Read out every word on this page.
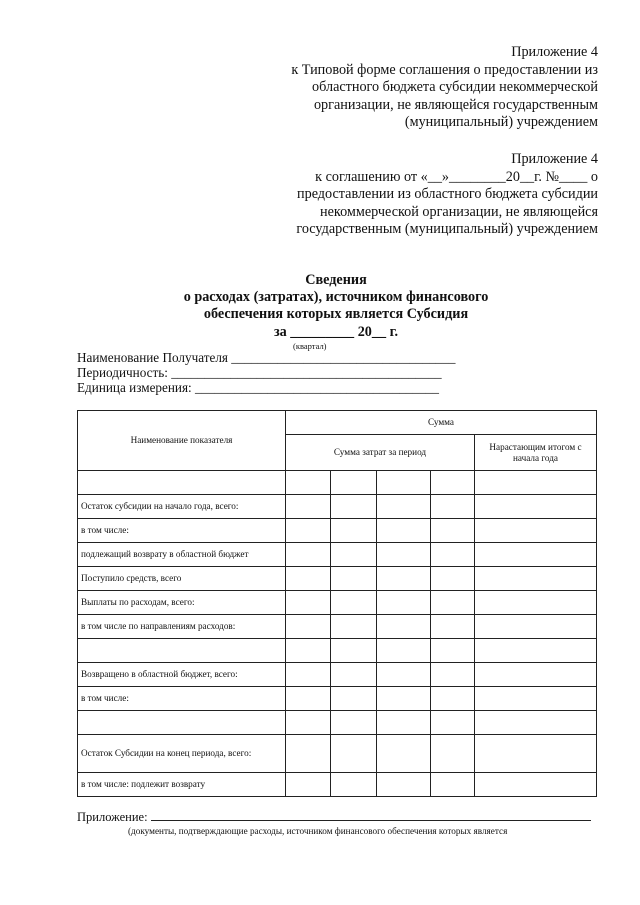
Приложение 4
к Типовой форме соглашения о предоставлении из
областного бюджета субсидии некоммерческой
организации, не являющейся государственным
(муниципальный) учреждением
Приложение 4
к соглашению от «__»________20__г. №____ о
предоставлении из областного бюджета субсидии
некоммерческой организации, не являющейся
государственным (муниципальный) учреждением
Сведения
о расходах (затратах), источником финансового
обеспечения которых является Субсидия
за _________ 20__ г.
(квартал)
Наименование Получателя __________________________________
Периодичность: _________________________________________
Единица измерения: _____________________________________
Наименование показателя	Сумма				
	Сумма затрат за период				Нарастающим итогом с начала года

Остаток субсидии на начало года, всего:					
в том числе:					
подлежащий возврату в областной бюджет					
Поступило средств, всего					
Выплаты по расходам, всего:					
в том числе по направлениям расходов:					

Возвращено в областной бюджет, всего:					
в том числе:					

Остаток Субсидии на конец периода, всего:					
в том числе: подлежит возврату					
Приложение:
(документы, подтверждающие расходы, источником финансового обеспечения которых является
